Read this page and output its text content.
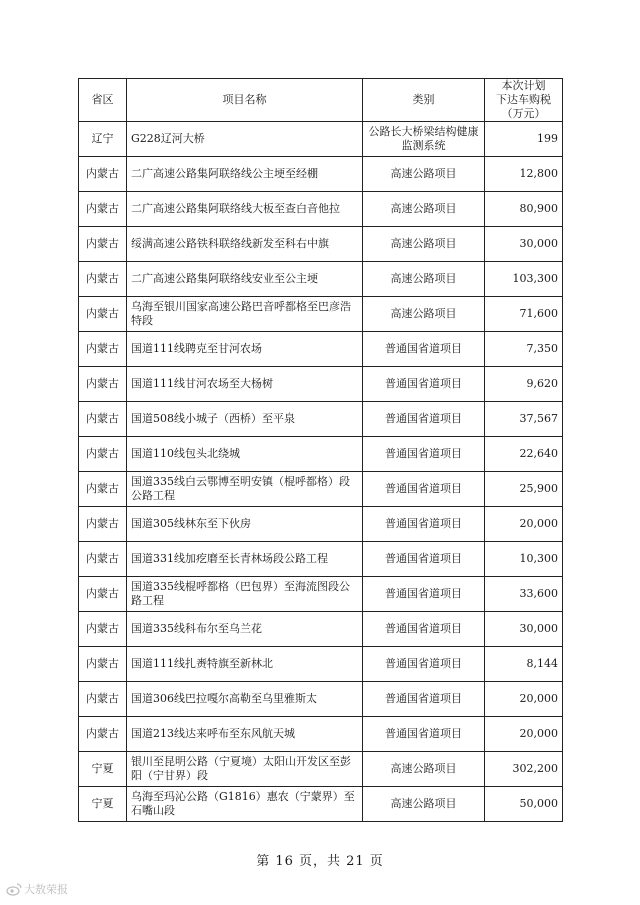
省区	项目名称	类别	本次计划
下达车购税
（万元）

辽宁	G228辽河大桥	公路长大桥梁结构健康监测系统	199
内蒙古	二广高速公路集阿联络线公主埂至经棚	高速公路项目	12,800
内蒙古	二广高速公路集阿联络线大板至查白音他拉	高速公路项目	80,900
内蒙古	绥满高速公路铁科联络线新发至科右中旗	高速公路项目	30,000
内蒙古	二广高速公路集阿联络线安业至公主埂	高速公路项目	103,300
内蒙古	乌海至银川国家高速公路巴音呼都格至巴彦浩特段	高速公路项目	71,600
内蒙古	国道111线聘克至甘河农场	普通国省道项目	7,350
内蒙古	国道111线甘河农场至大杨树	普通国省道项目	9,620
内蒙古	国道508线小城子（西桥）至平泉	普通国省道项目	37,567
内蒙古	国道110线包头北绕城	普通国省道项目	22,640
内蒙古	国道335线白云鄂博至明安镇（棍呼都格）段公路工程	普通国省道项目	25,900
内蒙古	国道305线林东至下伙房	普通国省道项目	20,000
内蒙古	国道331线加疙磨至长青林场段公路工程	普通国省道项目	10,300
内蒙古	国道335线棍呼都格（巴包界）至海流图段公路工程	普通国省道项目	33,600
内蒙古	国道335线科布尔至乌兰花	普通国省道项目	30,000
内蒙古	国道111线扎赉特旗至新林北	普通国省道项目	8,144
内蒙古	国道306线巴拉嘎尔高勒至乌里雅斯太	普通国省道项目	20,000
内蒙古	国道213线达来呼布至东风航天城	普通国省道项目	20,000
宁夏	银川至昆明公路（宁夏境）太阳山开发区至彭阳（宁甘界）段	高速公路项目	302,200
宁夏	乌海至玛沁公路（G1816）惠农（宁蒙界）至石嘴山段	高速公路项目	50,000
第 16 页，共 21 页
大敖荣报
